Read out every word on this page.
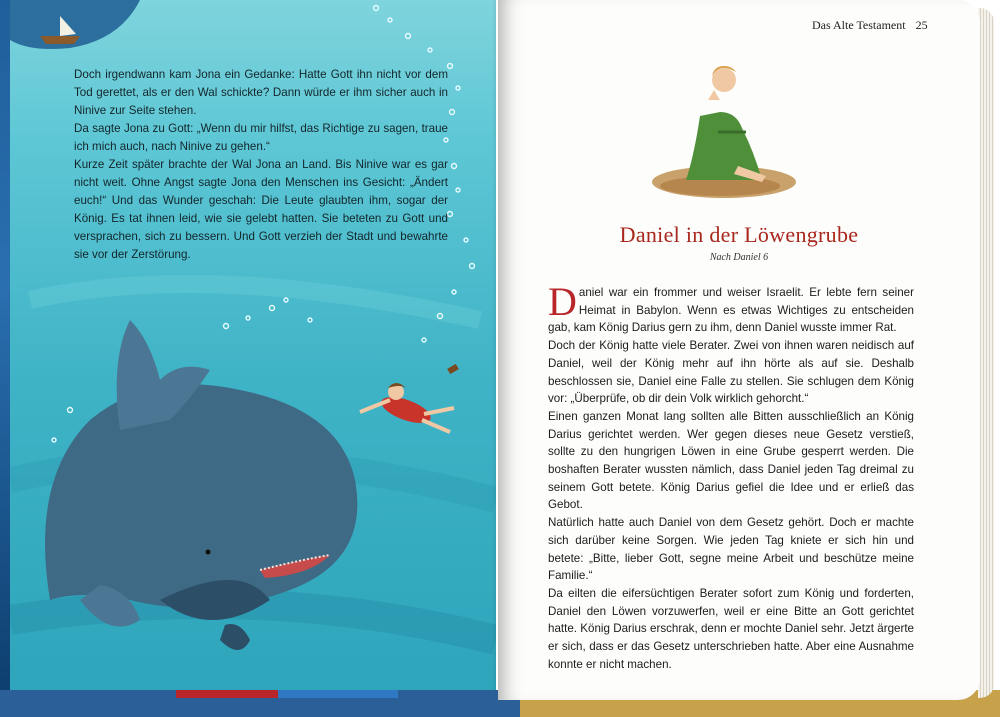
Doch irgendwann kam Jona ein Gedanke: Hatte Gott ihn nicht vor dem Tod gerettet, als er den Wal schickte? Dann würde er ihm sicher auch in Ninive zur Seite stehen.

Da sagte Jona zu Gott: „Wenn du mir hilfst, das Richtige zu sagen, traue ich mich auch, nach Ninive zu gehen.“

Kurze Zeit später brachte der Wal Jona an Land. Bis Ninive war es gar nicht weit. Ohne Angst sagte Jona den Menschen ins Gesicht: „Ändert euch!“ Und das Wunder geschah: Die Leute glaubten ihm, sogar der König. Es tat ihnen leid, wie sie gelebt hatten. Sie beteten zu Gott und versprachen, sich zu bessern. Und Gott verzieh der Stadt und bewahrte sie vor der Zerstörung.

Das Alte Testament 25
Daniel in der Löwengrube
Nach Daniel 6

Daniel war ein frommer und weiser Israelit. Er lebte fern seiner Heimat in Babylon. Wenn es etwas Wichtiges zu entscheiden gab, kam König Darius gern zu ihm, denn Daniel wusste immer Rat.

Doch der König hatte viele Berater. Zwei von ihnen waren neidisch auf Daniel, weil der König mehr auf ihn hörte als auf sie. Deshalb beschlossen sie, Daniel eine Falle zu stellen. Sie schlugen dem König vor: „Überprüfe, ob dir dein Volk wirklich gehorcht.“

Einen ganzen Monat lang sollten alle Bitten ausschließlich an König Darius gerichtet werden. Wer gegen dieses neue Gesetz verstieß, sollte zu den hungrigen Löwen in eine Grube gesperrt werden. Die boshaften Berater wussten nämlich, dass Daniel jeden Tag dreimal zu seinem Gott betete. König Darius gefiel die Idee und er erließ das Gebot.

Natürlich hatte auch Daniel von dem Gesetz gehört. Doch er machte sich darüber keine Sorgen. Wie jeden Tag kniete er sich hin und betete: „Bitte, lieber Gott, segne meine Arbeit und beschütze meine Familie.“

Da eilten die eifersüchtigen Berater sofort zum König und forderten, Daniel den Löwen vorzuwerfen, weil er eine Bitte an Gott gerichtet hatte. König Darius erschrak, denn er mochte Daniel sehr. Jetzt ärgerte er sich, dass er das Gesetz unterschrieben hatte. Aber eine Ausnahme konnte er nicht machen.
